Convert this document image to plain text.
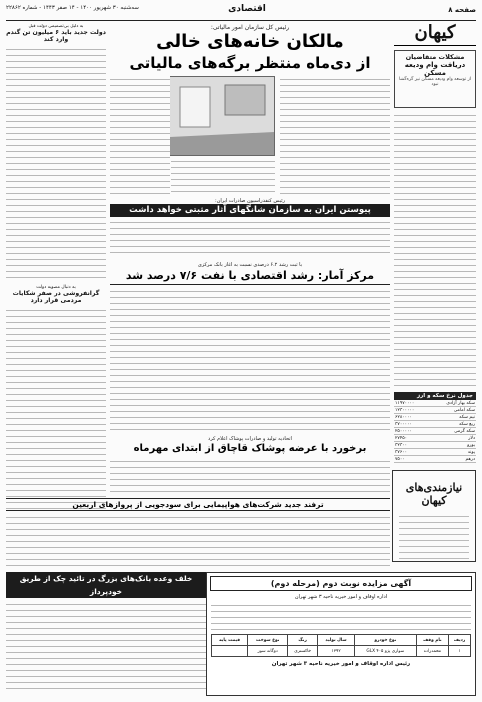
صفحه ۸
اقتصادی
سه‌شنبه ۳۰ شهریور ۱۴۰۰ - ۱۴ صفر ۱۴۴۳ - شماره ۲۲۸۶۲
کیهان
مشکلات متقاضیان
دریافت وام ودیعه مسکن
از توسعه وام ودیعه مسکن نیز گره‌گشا نبود
جدول نرخ سکه و ارز
سکه بهار آزادی	۱۱۹۷۰۰۰۰
سکه امامی	۱۲۳۰۰۰۰۰
نیم سکه	۶۲۸۰۰۰۰
ربع سکه	۳۷۰۰۰۰۰
سکه گرمی	۲۵۰۰۰۰۰
دلار	۲۷۴۵۰
یورو	۳۲۳۰۰
پوند	۳۷۶۰۰
درهم	۷۵۰۰
نیازمندی‌های کیهان
به دلیل بی‌تصمیمی دولت قبل
دولت جدید باید ۶ میلیون تن گندم وارد کند
به دنبال مصوبه دولت
گرانفروشی در صفر شکایات مردمی قرار دارد
رئیس کل سازمان امور مالیاتی:
مالکان خانه‌های خالی
از دی‌ماه منتظر برگه‌های مالیاتی
رئیس کنفدراسیون صادرات ایران:
پیوستن ایران به سازمان شانگهای آثار مثبتی خواهد داشت
با ثبت رشد ۶.۲ درصدی نسبت به آغاز بانک مرکزی
مرکز آمار: رشد اقتصادی با نفت ۷/۶ درصد شد
اتحادیه تولید و صادرات پوشاک اعلام کرد
برخورد با عرضه پوشاک قاچاق از ابتدای مهرماه
ترفند جدید شرکت‌های هواپیمایی برای سودجویی از پروازهای اربعین
خلف وعده بانک‌های بزرگ در تائید چک از طریق خودپرداز
آگهی مزایده نوبت دوم (مرحله دوم)
اداره اوقاف و امور خیریه ناحیه ۳ شهر تهران
ردیف	نام وقف	نوع خودرو	سال تولید	رنگ	نوع سوخت	قیمت پایه
۱	محمدزاده	سواری پژو ۴۰۵ GLX	۱۳۹۲	خاکستری	دوگانه سوز	
رئیس اداره اوقاف و امور خیریه ناحیه ۳ شهر تهران
